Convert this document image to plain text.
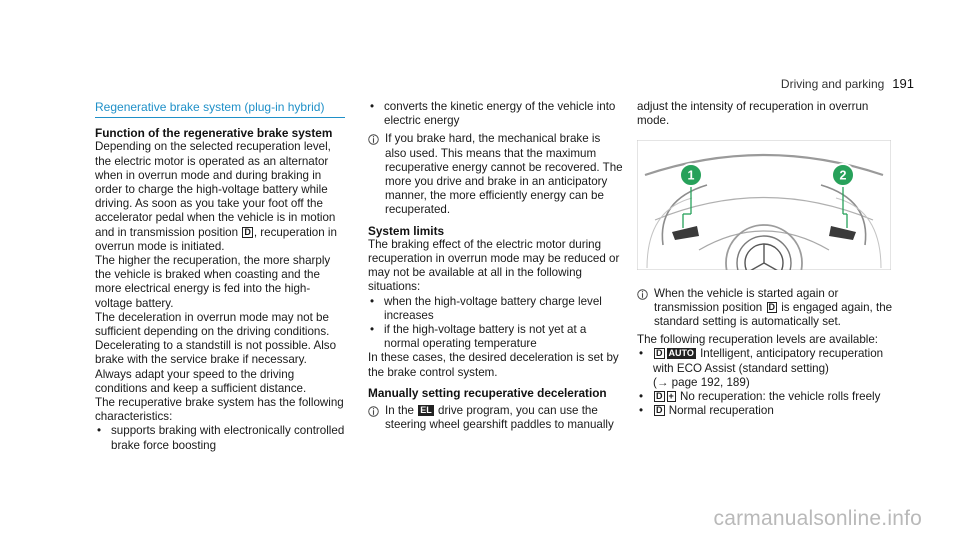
Driving and parking 191
Regenerative brake system (plug-in hybrid)
Function of the regenerative brake system

Depending on the selected recuperation level, the electric motor is operated as an alternator when in overrun mode and during braking in order to charge the high-voltage battery while driving. As soon as you take your foot off the accelerator pedal when the vehicle is in motion and in transmission position D , recuperation in overrun mode is initiated.

The higher the recuperation, the more sharply the vehicle is braked when coasting and the more electrical energy is fed into the high-voltage battery.

The deceleration in overrun mode may not be sufficient depending on the driving conditions. Decelerating to a standstill is not possible. Also brake with the service brake if necessary. Always adapt your speed to the driving conditions and keep a sufficient distance.

The recuperative brake system has the following characteristics:

• supports braking with electronically controlled brake force boosting
• converts the kinetic energy of the vehicle into electric energy
If you brake hard, the mechanical brake is also used. This means that the maximum recuperative energy cannot be recovered. The more you drive and brake in an anticipatory manner, the more efficiently energy can be recuperated.
System limits

The braking effect of the electric motor during recuperation in overrun mode may be reduced or may not be available at all in the following situations:

• when the high-voltage battery charge level increases
• if the high-voltage battery is not yet at a normal operating temperature

In these cases, the desired deceleration is set by the brake control system.

Manually setting recuperative deceleration
In the EL drive program, you can use the steering wheel gearshift paddles to manually

adjust the intensity of recuperation in overrun mode.

1	2
When the vehicle is started again or transmission position D is engaged again, the standard setting is automatically set.

The following recuperation levels are available:

• D AUTO Intelligent, anticipatory recuperation with ECO Assist (standard setting)
(→ page 192, 189)
• D + No recuperation: the vehicle rolls freely
• D Normal recuperation
carmanualsonline.info
